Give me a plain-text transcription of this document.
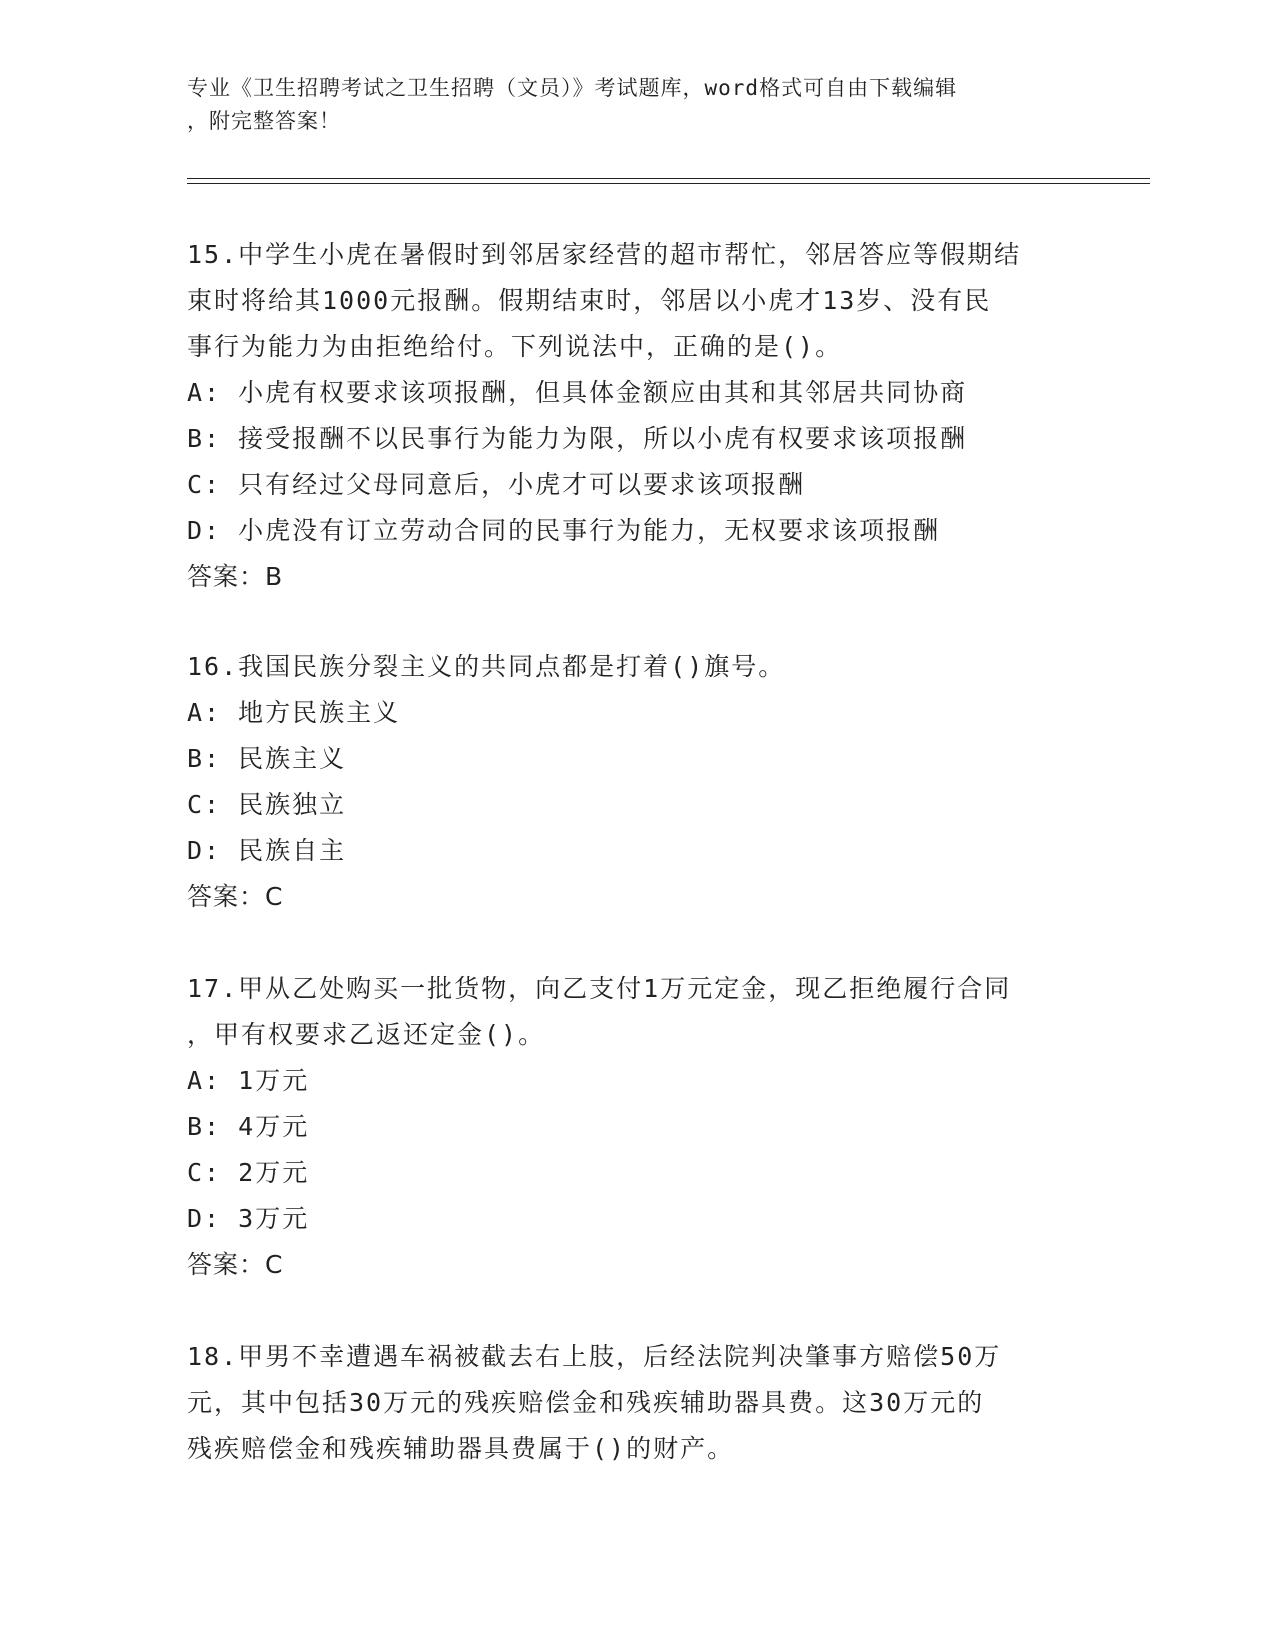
专业《卫生招聘考试之卫生招聘（文员）》考试题库，word格式可自由下载编辑
，附完整答案！
15.中学生小虎在暑假时到邻居家经营的超市帮忙，邻居答应等假期结
束时将给其1000元报酬。假期结束时，邻居以小虎才13岁、没有民
事行为能力为由拒绝给付。下列说法中，正确的是()。
A: 小虎有权要求该项报酬，但具体金额应由其和其邻居共同协商
B: 接受报酬不以民事行为能力为限，所以小虎有权要求该项报酬
C: 只有经过父母同意后，小虎才可以要求该项报酬
D: 小虎没有订立劳动合同的民事行为能力，无权要求该项报酬
答案：B
16.我国民族分裂主义的共同点都是打着()旗号。
A: 地方民族主义
B: 民族主义
C: 民族独立
D: 民族自主
答案：C
17.甲从乙处购买一批货物，向乙支付1万元定金，现乙拒绝履行合同
，甲有权要求乙返还定金()。
A: 1万元
B: 4万元
C: 2万元
D: 3万元
答案：C
18.甲男不幸遭遇车祸被截去右上肢，后经法院判决肇事方赔偿50万
元，其中包括30万元的残疾赔偿金和残疾辅助器具费。这30万元的
残疾赔偿金和残疾辅助器具费属于()的财产。
